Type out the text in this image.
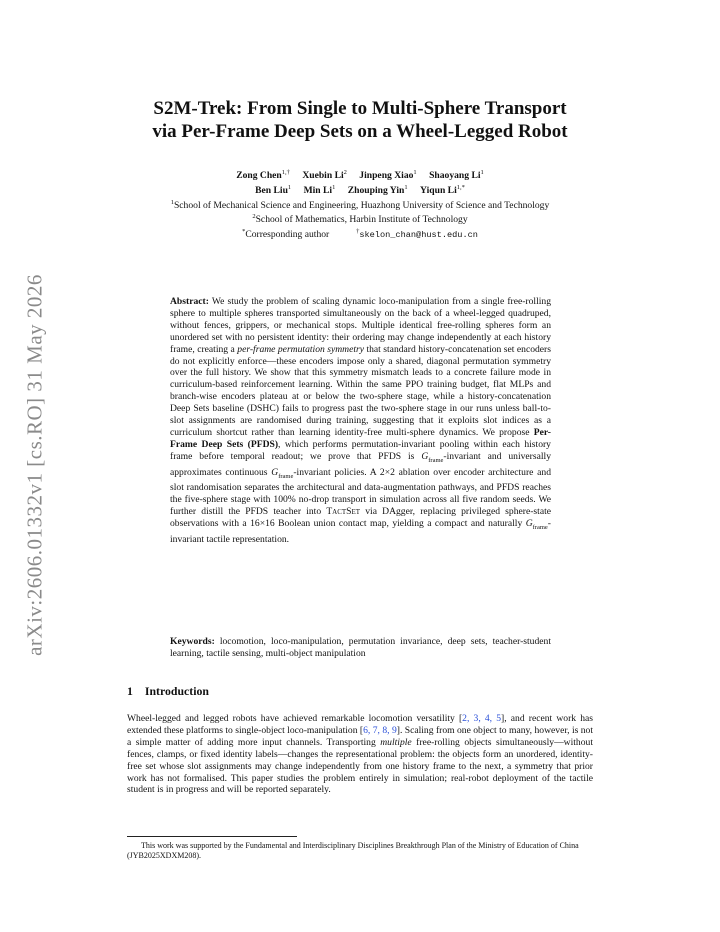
arXiv:2606.01332v1 [cs.RO] 31 May 2026
S2M-Trek: From Single to Multi-Sphere Transport
via Per-Frame Deep Sets on a Wheel-Legged Robot
Zong Chen$^{1,\dagger}$ Xuebin Li$^2$ Jinpeng Xiao$^1$ Shaoyang Li$^1$
Ben Liu$^1$ Min Li$^1$ Zhouping Yin$^1$ Yiqun $Li^{1,*}$
$^1$School of Mechanical Science and Engineering, Huazhong University of Science and Technology
$^2$School of Mathematics, Harbin Institute of Technology
*Corresponding author	†skelon_chan@hust.edu.cn
Abstract: We study the problem of scaling dynamic loco-manipulation from a single free-rolling sphere to multiple spheres transported simultaneously on the back of a wheel-legged quadruped, without fences, grippers, or mechanical stops. Multiple identical free-rolling spheres form an unordered set with no persistent identity: their ordering may change independently at each history frame, creating a per-frame permutation symmetry that standard history-concatenation set encoders do not explicitly enforce—these encoders impose only a shared, diagonal permutation symmetry over the full history. We show that this symmetry mismatch leads to a concrete failure mode in curriculum-based reinforcement learning. Within the same PPO training budget, flat MLPs and branch-wise encoders plateau at or below the two-sphere stage, while a history-concatenation Deep Sets baseline (DSHC) fails to progress past the two-sphere stage in our runs unless ball-to-slot assignments are randomised during training, suggesting that it exploits slot indices as a curriculum shortcut rather than learning identity-free multi-sphere dynamics. We propose Per-Frame Deep Sets (PFDS), which performs permutation-invariant pooling within each history frame before temporal readout; we prove that PFDS is $G_{frame}$-invariant and universally approximates continuous $G_{frame}$-invariant policies. A 2×2 ablation over encoder architecture and slot randomisation separates the architectural and data-augmentation pathways, and PFDS reaches the five-sphere stage with 100% no-drop transport in simulation across all five random seeds. We further distill the PFDS teacher into TactSet via DAgger, replacing privileged sphere-state observations with a 16×16 Boolean union contact map, yielding a compact and naturally $G_{frame}$-invariant tactile representation.
Keywords: locomotion, loco-manipulation, permutation invariance, deep sets, teacher-student learning, tactile sensing, multi-object manipulation
1 Introduction
Wheel-legged and legged robots have achieved remarkable locomotion versatility [2, 3, 4, 5], and recent work has extended these platforms to single-object loco-manipulation [6, 7, 8, 9]. Scaling from one object to many, however, is not a simple matter of adding more input channels. Transporting multiple free-rolling objects simultaneously—without fences, clamps, or fixed identity labels—changes the representational problem: the objects form an unordered, identity-free set whose slot assignments may change independently from one history frame to the next, a symmetry that prior work has not formalised. This paper studies the problem entirely in simulation; real-robot deployment of the tactile student is in progress and will be reported separately.
This work was supported by the Fundamental and Interdisciplinary Disciplines Breakthrough Plan of the Ministry of Education of China (JYB2025XDXM208).
